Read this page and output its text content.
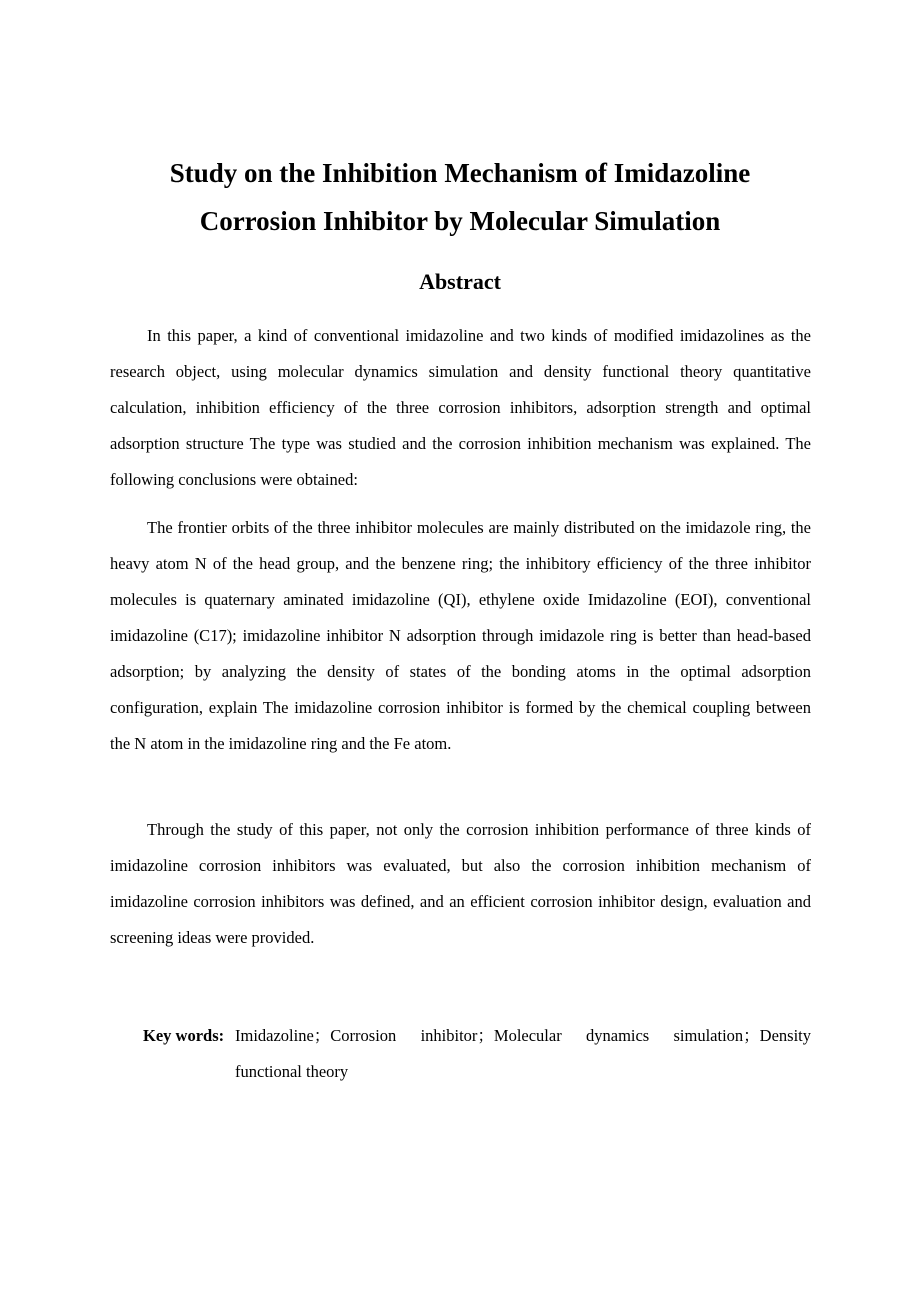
Study on the Inhibition Mechanism of Imidazoline
Corrosion Inhibitor by Molecular Simulation
Abstract

In this paper, a kind of conventional imidazoline and two kinds of modified imidazolines as the research object, using molecular dynamics simulation and density functional theory quantitative calculation, inhibition efficiency of the three corrosion inhibitors, adsorption strength and optimal adsorption structure The type was studied and the corrosion inhibition mechanism was explained. The following conclusions were obtained:

The frontier orbits of the three inhibitor molecules are mainly distributed on the imidazole ring, the heavy atom N of the head group, and the benzene ring; the inhibitory efficiency of the three inhibitor molecules is quaternary aminated imidazoline (QI), ethylene oxide Imidazoline (EOI), conventional imidazoline (C17); imidazoline inhibitor N adsorption through imidazole ring is better than head-based adsorption; by analyzing the density of states of the bonding atoms in the optimal adsorption configuration, explain The imidazoline corrosion inhibitor is formed by the chemical coupling between the N atom in the imidazoline ring and the Fe atom.

Through the study of this paper, not only the corrosion inhibition performance of three kinds of imidazoline corrosion inhibitors was evaluated, but also the corrosion inhibition mechanism of imidazoline corrosion inhibitors was defined, and an efficient corrosion inhibitor design, evaluation and screening ideas were provided.

Key words: Imidazoline；Corrosion inhibitor；Molecular dynamics simulation；Density functional theory
